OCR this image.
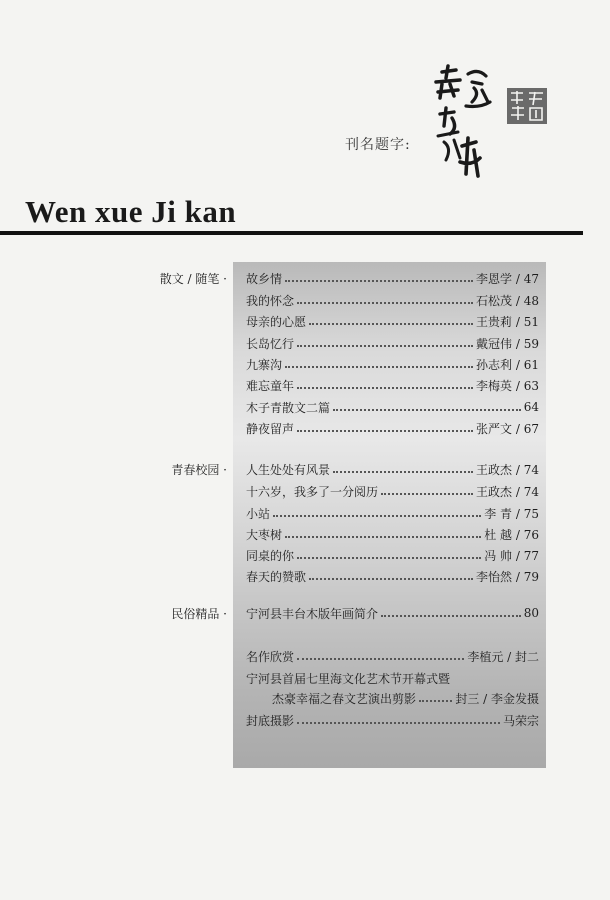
刊名题字:
Wen xue Ji kan
散文 / 随笔 ·
青春校园 ·
民俗精品 ·
故乡情	李恩学 / 47
我的怀念	石松茂 / 48
母亲的心愿	王贵莉 / 51
长岛忆行	戴冠伟 / 59
九寨沟	孙志利 / 61
难忘童年	李梅英 / 63
木子青散文二篇	64
静夜留声	张严文 / 67
人生处处有风景	王政杰 / 74
十六岁，我多了一分阅历	王政杰 / 74
小站	李 青 / 75
大枣树	杜 越 / 76
同桌的你	冯 帅 / 77
春天的赞歌	李怡然 / 79
宁河县丰台木版年画简介	80
名作欣赏	李植元 / 封二
宁河县首届七里海文化艺术节开幕式暨
杰豪幸福之春文艺演出剪影	封三 / 李金发摄
封底摄影	马荣宗
